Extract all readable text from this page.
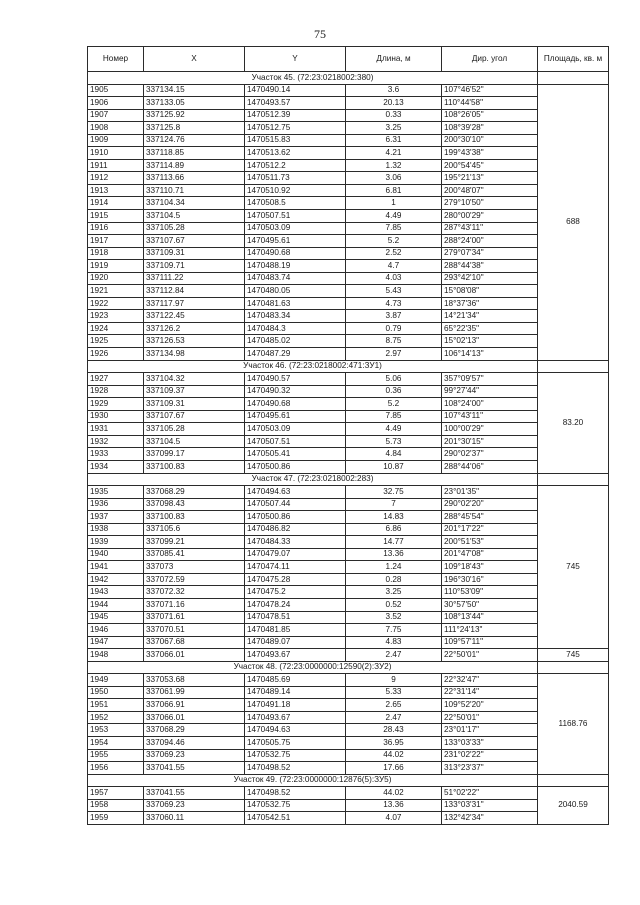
75
Номер	X	Y	Длина, м	Дир. угол	Площадь, кв. м
Участок 45. (72:23:0218002:380)					
1905	337134.15	1470490.14	3.6	107°46'52"	688
1906	337133.05	1470493.57	20.13	110°44'58"	
1907	337125.92	1470512.39	0.33	108°26'05"	
1908	337125.8	1470512.75	3.25	108°39'28"	
1909	337124.76	1470515.83	6.31	200°30'10"	
1910	337118.85	1470513.62	4.21	199°43'38"	
1911	337114.89	1470512.2	1.32	200°54'45"	
1912	337113.66	1470511.73	3.06	195°21'13"	
1913	337110.71	1470510.92	6.81	200°48'07"	
1914	337104.34	1470508.5	1	279°10'50"	
1915	337104.5	1470507.51	4.49	280°00'29"	
1916	337105.28	1470503.09	7.85	287°43'11"	
1917	337107.67	1470495.61	5.2	288°24'00"	
1918	337109.31	1470490.68	2.52	279°07'34"	
1919	337109.71	1470488.19	4.7	288°44'38"	
1920	337111.22	1470483.74	4.03	293°42'10"	
1921	337112.84	1470480.05	5.43	15°08'08"	
1922	337117.97	1470481.63	4.73	18°37'36"	
1923	337122.45	1470483.34	3.87	14°21'34"	
1924	337126.2	1470484.3	0.79	65°22'35"	
1925	337126.53	1470485.02	8.75	15°02'13"	
1926	337134.98	1470487.29	2.97	106°14'13"	
Участок 46. (72:23:0218002:471:ЗУ1)					
1927	337104.32	1470490.57	5.06	357°09'57"	83.20
1928	337109.37	1470490.32	0.36	99°27'44"	
1929	337109.31	1470490.68	5.2	108°24'00"	
1930	337107.67	1470495.61	7.85	107°43'11"	
1931	337105.28	1470503.09	4.49	100°00'29"	
1932	337104.5	1470507.51	5.73	201°30'15"	
1933	337099.17	1470505.41	4.84	290°02'37"	
1934	337100.83	1470500.86	10.87	288°44'06"	
Участок 47. (72:23:0218002:283)					
1935	337068.29	1470494.63	32.75	23°01'35"	745
1936	337098.43	1470507.44	7	290°02'20"	
1937	337100.83	1470500.86	14.83	288°45'54"	
1938	337105.6	1470486.82	6.86	201°17'22"	
1939	337099.21	1470484.33	14.77	200°51'53"	
1940	337085.41	1470479.07	13.36	201°47'08"	
1941	337073	1470474.11	1.24	109°18'43"	
1942	337072.59	1470475.28	0.28	196°30'16"	
1943	337072.32	1470475.2	3.25	110°53'09"	
1944	337071.16	1470478.24	0.52	30°57'50"	
1945	337071.61	1470478.51	3.52	108°13'44"	
1946	337070.51	1470481.85	7.75	111°24'13"	
1947	337067.68	1470489.07	4.83	109°57'11"	
1948	337066.01	1470493.67	2.47	22°50'01"	745
Участок 48. (72:23:0000000:12590(2):ЗУ2)					
1949	337053.68	1470485.69	9	22°32'47"	1168.76
1950	337061.99	1470489.14	5.33	22°31'14"	
1951	337066.91	1470491.18	2.65	109°52'20"	
1952	337066.01	1470493.67	2.47	22°50'01"	
1953	337068.29	1470494.63	28.43	23°01'17"	
1954	337094.46	1470505.75	36.95	133°03'33"	
1955	337069.23	1470532.75	44.02	231°02'22"	
1956	337041.55	1470498.52	17.66	313°23'37"	
Участок 49. (72:23:0000000:12876(5):ЗУ5)					
1957	337041.55	1470498.52	44.02	51°02'22"	2040.59
1958	337069.23	1470532.75	13.36	133°03'31"	
1959	337060.11	1470542.51	4.07	132°42'34"	
